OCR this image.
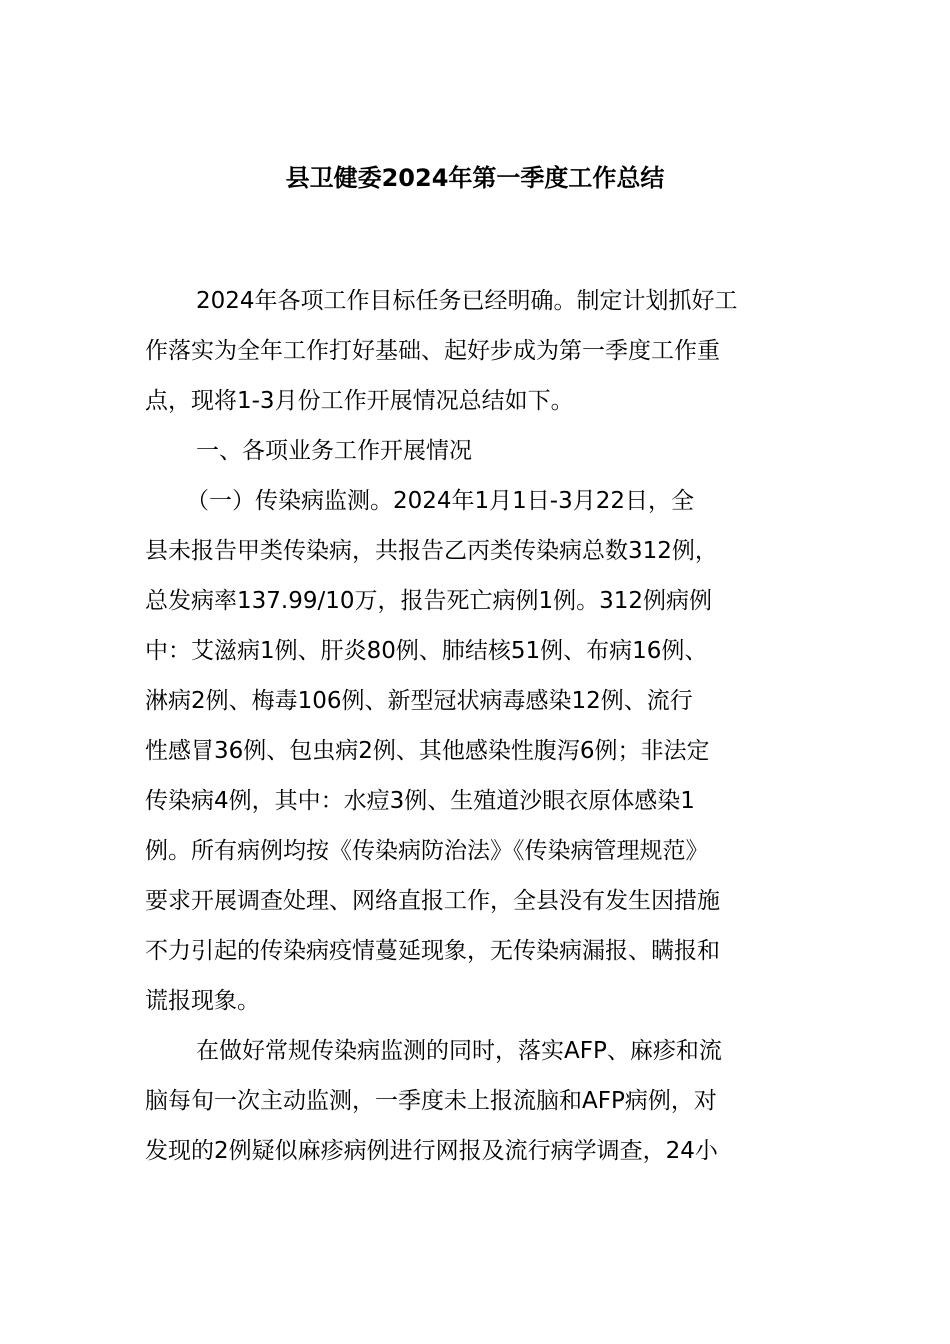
县卫健委2024年第一季度工作总结
2024年各项工作目标任务已经明确。制定计划抓好工
作落实为全年工作打好基础、起好步成为第一季度工作重
点，现将1-3月份工作开展情况总结如下。
一、各项业务工作开展情况
（一）传染病监测。2024年1月1日-3月22日，全
县未报告甲类传染病，共报告乙丙类传染病总数312例，
总发病率137.99/10万，报告死亡病例1例。312例病例
中：艾滋病1例、肝炎80例、肺结核51例、布病16例、
淋病2例、梅毒106例、新型冠状病毒感染12例、流行
性感冒36例、包虫病2例、其他感染性腹泻6例；非法定
传染病4例，其中：水痘3例、生殖道沙眼衣原体感染1
例。所有病例均按《传染病防治法》《传染病管理规范》
要求开展调查处理、网络直报工作，全县没有发生因措施
不力引起的传染病疫情蔓延现象，无传染病漏报、瞒报和
谎报现象。
在做好常规传染病监测的同时，落实AFP、麻疹和流
脑每旬一次主动监测，一季度未上报流脑和AFP病例，对
发现的2例疑似麻疹病例进行网报及流行病学调查，24小
